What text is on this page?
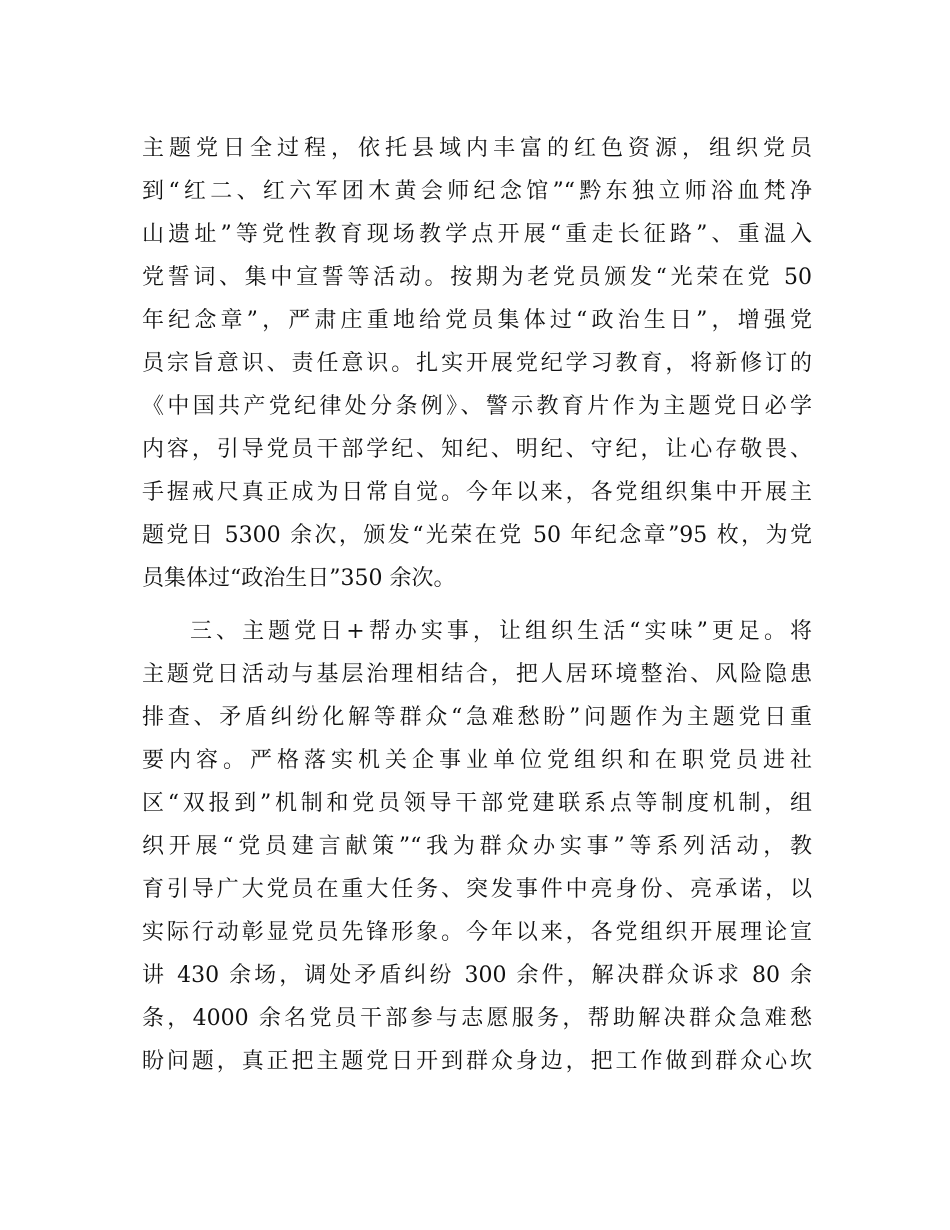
主题党日全过程，依托县域内丰富的红色资源，组织党员
到“红二、红六军团木黄会师纪念馆”“黔东独立师浴血梵净
山遗址”等党性教育现场教学点开展“重走长征路”、重温入
党誓词、集中宣誓等活动。按期为老党员颁发“光荣在党 50
年纪念章”，严肃庄重地给党员集体过“政治生日”，增强党
员宗旨意识、责任意识。扎实开展党纪学习教育，将新修订的
《中国共产党纪律处分条例》、警示教育片作为主题党日必学
内容，引导党员干部学纪、知纪、明纪、守纪，让心存敬畏、
手握戒尺真正成为日常自觉。今年以来，各党组织集中开展主
题党日 5300 余次，颁发“光荣在党 50 年纪念章”95 枚，为党
员集体过“政治生日”350 余次。
三、主题党日+帮办实事，让组织生活“实味”更足。将
主题党日活动与基层治理相结合，把人居环境整治、风险隐患
排查、矛盾纠纷化解等群众“急难愁盼”问题作为主题党日重
要内容。严格落实机关企事业单位党组织和在职党员进社
区“双报到”机制和党员领导干部党建联系点等制度机制，组
织开展“党员建言献策”“我为群众办实事”等系列活动，教
育引导广大党员在重大任务、突发事件中亮身份、亮承诺，以
实际行动彰显党员先锋形象。今年以来，各党组织开展理论宣
讲 430 余场，调处矛盾纠纷 300 余件，解决群众诉求 80 余
条，4000 余名党员干部参与志愿服务，帮助解决群众急难愁
盼问题，真正把主题党日开到群众身边，把工作做到群众心坎
